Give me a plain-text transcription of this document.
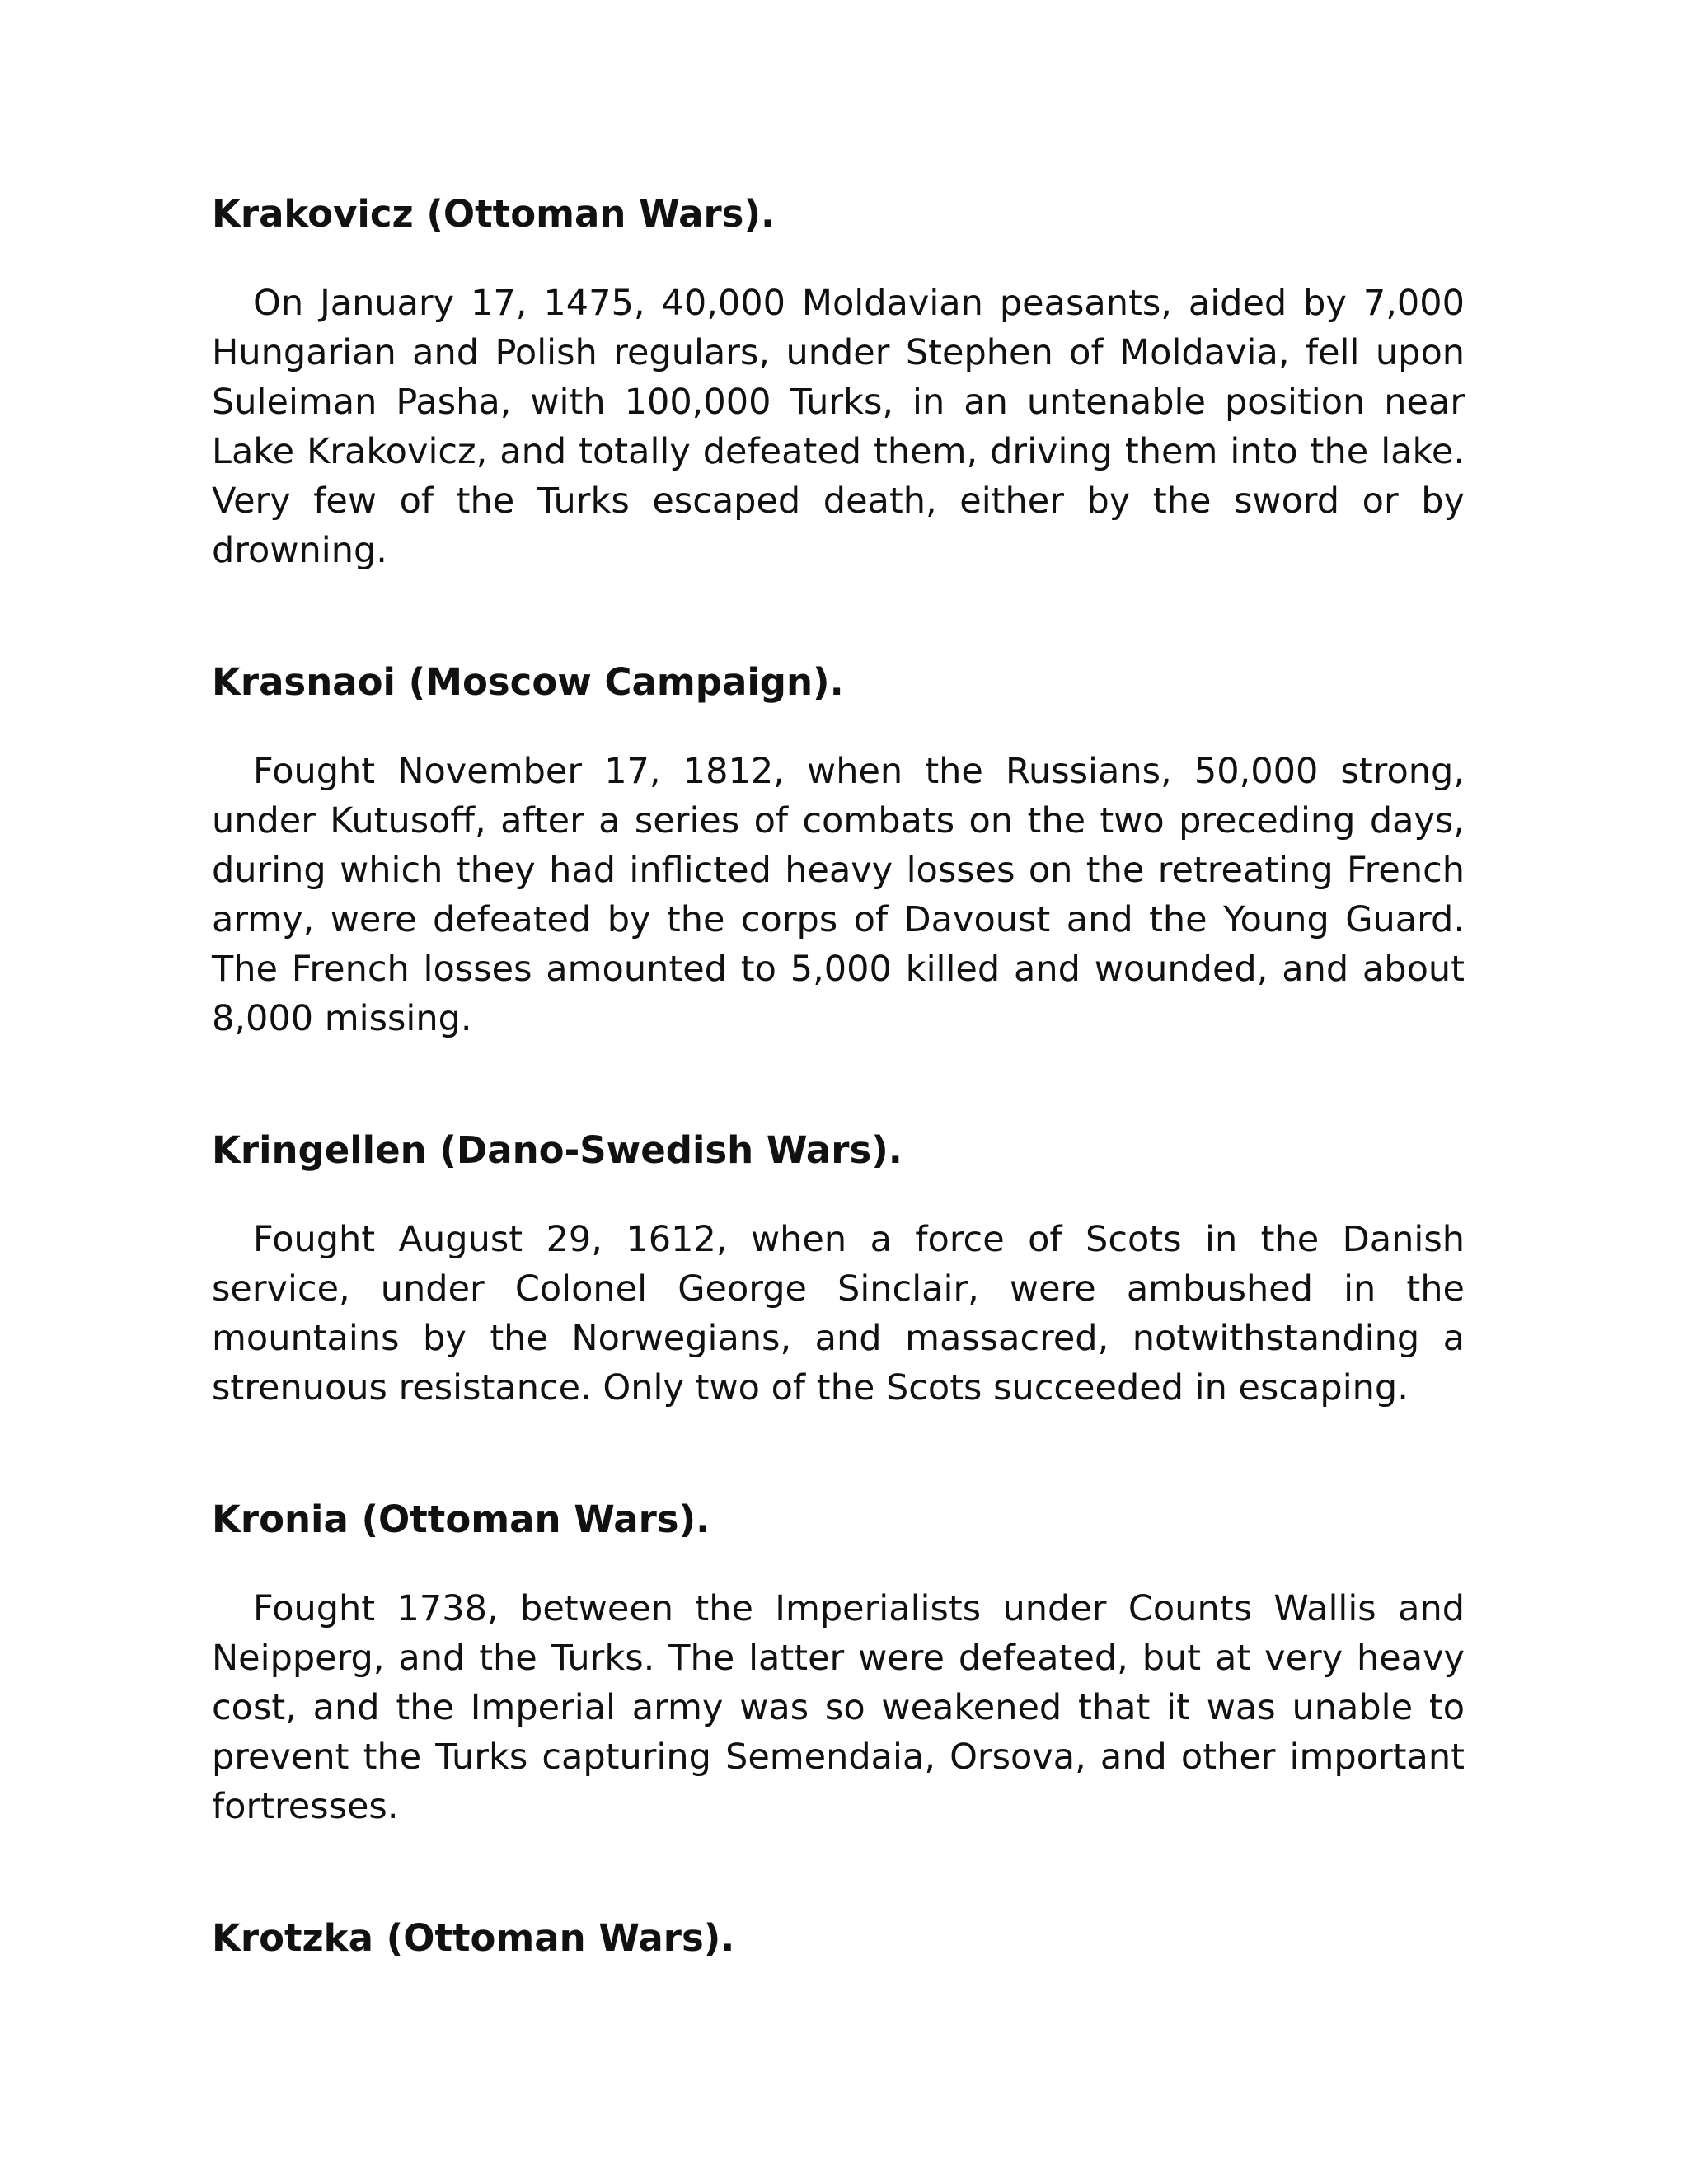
Krakovicz (Ottoman Wars).

On January 17, 1475, 40,000 Moldavian peasants, aided by 7,000 Hungarian and Polish regulars, under Stephen of Moldavia, fell upon Suleiman Pasha, with 100,000 Turks, in an untenable position near Lake Krakovicz, and totally defeated them, driving them into the lake. Very few of the Turks escaped death, either by the sword or by drowning.

Krasnaoi (Moscow Campaign).

Fought November 17, 1812, when the Russians, 50,000 strong, under Kutusoff, after a series of combats on the two preceding days, during which they had inflicted heavy losses on the retreating French army, were defeated by the corps of Davoust and the Young Guard. The French losses amounted to 5,000 killed and wounded, and about 8,000 missing.

Kringellen (Dano-Swedish Wars).

Fought August 29, 1612, when a force of Scots in the Danish service, under Colonel George Sinclair, were ambushed in the mountains by the Norwegians, and massacred, notwithstanding a strenuous resistance. Only two of the Scots succeeded in escaping.

Kronia (Ottoman Wars).

Fought 1738, between the Imperialists under Counts Wallis and Neipperg, and the Turks. The latter were defeated, but at very heavy cost, and the Imperial army was so weakened that it was unable to prevent the Turks capturing Semendaia, Orsova, and other important fortresses.

Krotzka (Ottoman Wars).
